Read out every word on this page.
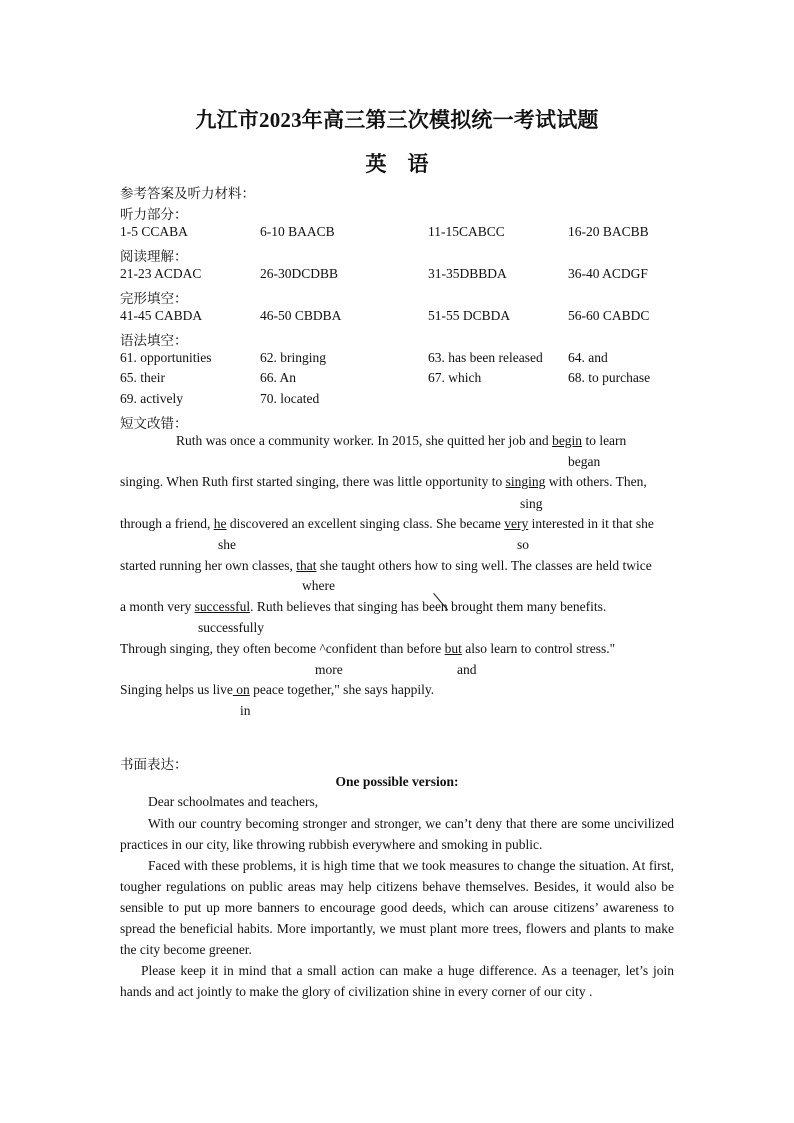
九江市2023年高三第三次模拟统一考试试题
英　语
参考答案及听力材料：
听力部分：
1-5 CCABA	6-10 BAACB	11-15CABCC	16-20 BACBB
阅读理解：
21-23 ACDAC	26-30DCDBB	31-35DBBDA	36-40 ACDGF
完形填空：
41-45 CABDA	46-50 CBDBA	51-55 DCBDA	56-60 CABDC
语法填空：
61. opportunities	62. bringing	63. has been released 64. and
65. their	66. An	67. which	68. to purchase
69. actively	70. located
短文改错：
Ruth was once a community worker. In 2015, she quitted her job and begin to learn
began
singing. When Ruth first started singing, there was little opportunity to singing with others. Then,
sing
through a friend, he discovered an excellent singing class. She became very interested in it that she
she	so
started running her own classes, that she taught others how to sing well. The classes are held twice
where
a month very successful. Ruth believes that singing has been brought them many benefits.
successfully
Through singing, they often become ^confident than before but also learn to control stress."
more	and
Singing helps us live on peace together," she says happily.
in
书面表达：
One possible version:
Dear schoolmates and teachers,
With our country becoming stronger and stronger, we can’t deny that there are some uncivilized practices in our city, like throwing rubbish everywhere and smoking in public.
Faced with these problems, it is high time that we took measures to change the situation. At first, tougher regulations on public areas may help citizens behave themselves. Besides, it would also be sensible to put up more banners to encourage good deeds, which can arouse citizens’ awareness to spread the beneficial habits. More importantly, we must plant more trees, flowers and plants to make the city become greener.
Please keep it in mind that a small action can make a huge difference. As a teenager, let’s join hands and act jointly to make the glory of civilization shine in every corner of our city .
